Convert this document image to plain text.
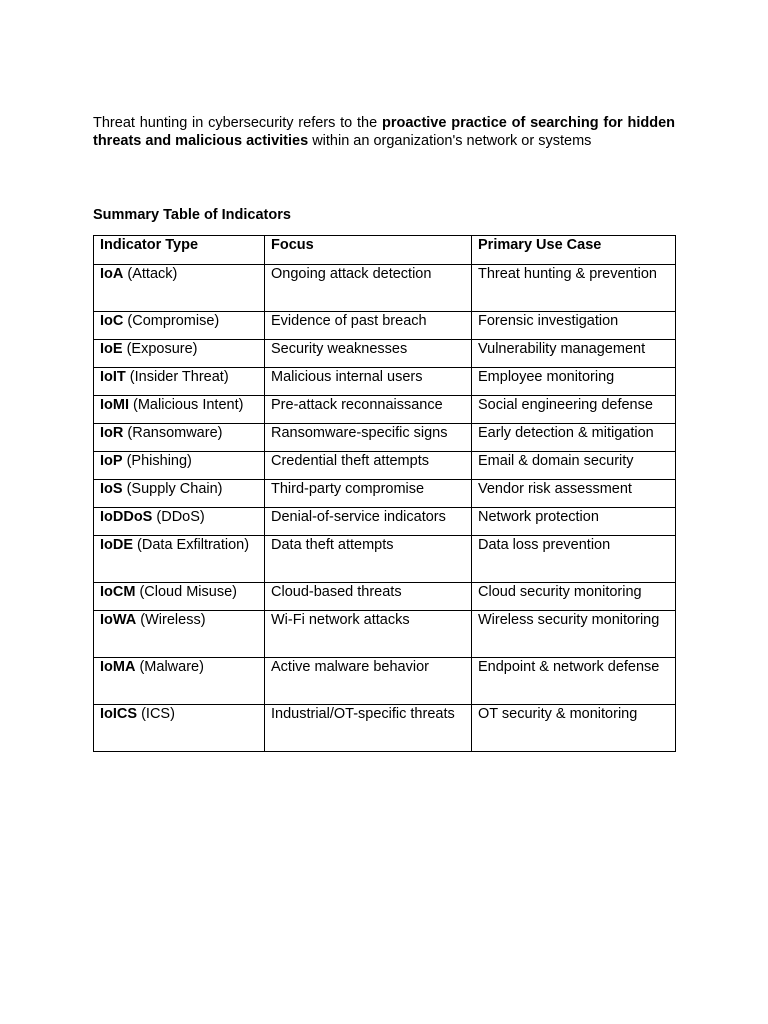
Threat hunting in cybersecurity refers to the proactive practice of searching for hidden threats and malicious activities within an organization's network or systems

Summary Table of Indicators

Indicator Type	Focus	Primary Use Case
IoA (Attack)	Ongoing attack detection	Threat hunting & prevention
IoC (Compromise)	Evidence of past breach	Forensic investigation
IoE (Exposure)	Security weaknesses	Vulnerability management
IoIT (Insider Threat)	Malicious internal users	Employee monitoring
IoMI (Malicious Intent)	Pre-attack reconnaissance	Social engineering defense
IoR (Ransomware)	Ransomware-specific signs	Early detection & mitigation
IoP (Phishing)	Credential theft attempts	Email & domain security
IoS (Supply Chain)	Third-party compromise	Vendor risk assessment
IoDDoS (DDoS)	Denial-of-service indicators	Network protection
IoDE (Data Exfiltration)	Data theft attempts	Data loss prevention
IoCM (Cloud Misuse)	Cloud-based threats	Cloud security monitoring
IoWA (Wireless)	Wi-Fi network attacks	Wireless security monitoring
IoMA (Malware)	Active malware behavior	Endpoint & network defense
IoICS (ICS)	Industrial/OT-specific threats	OT security & monitoring
